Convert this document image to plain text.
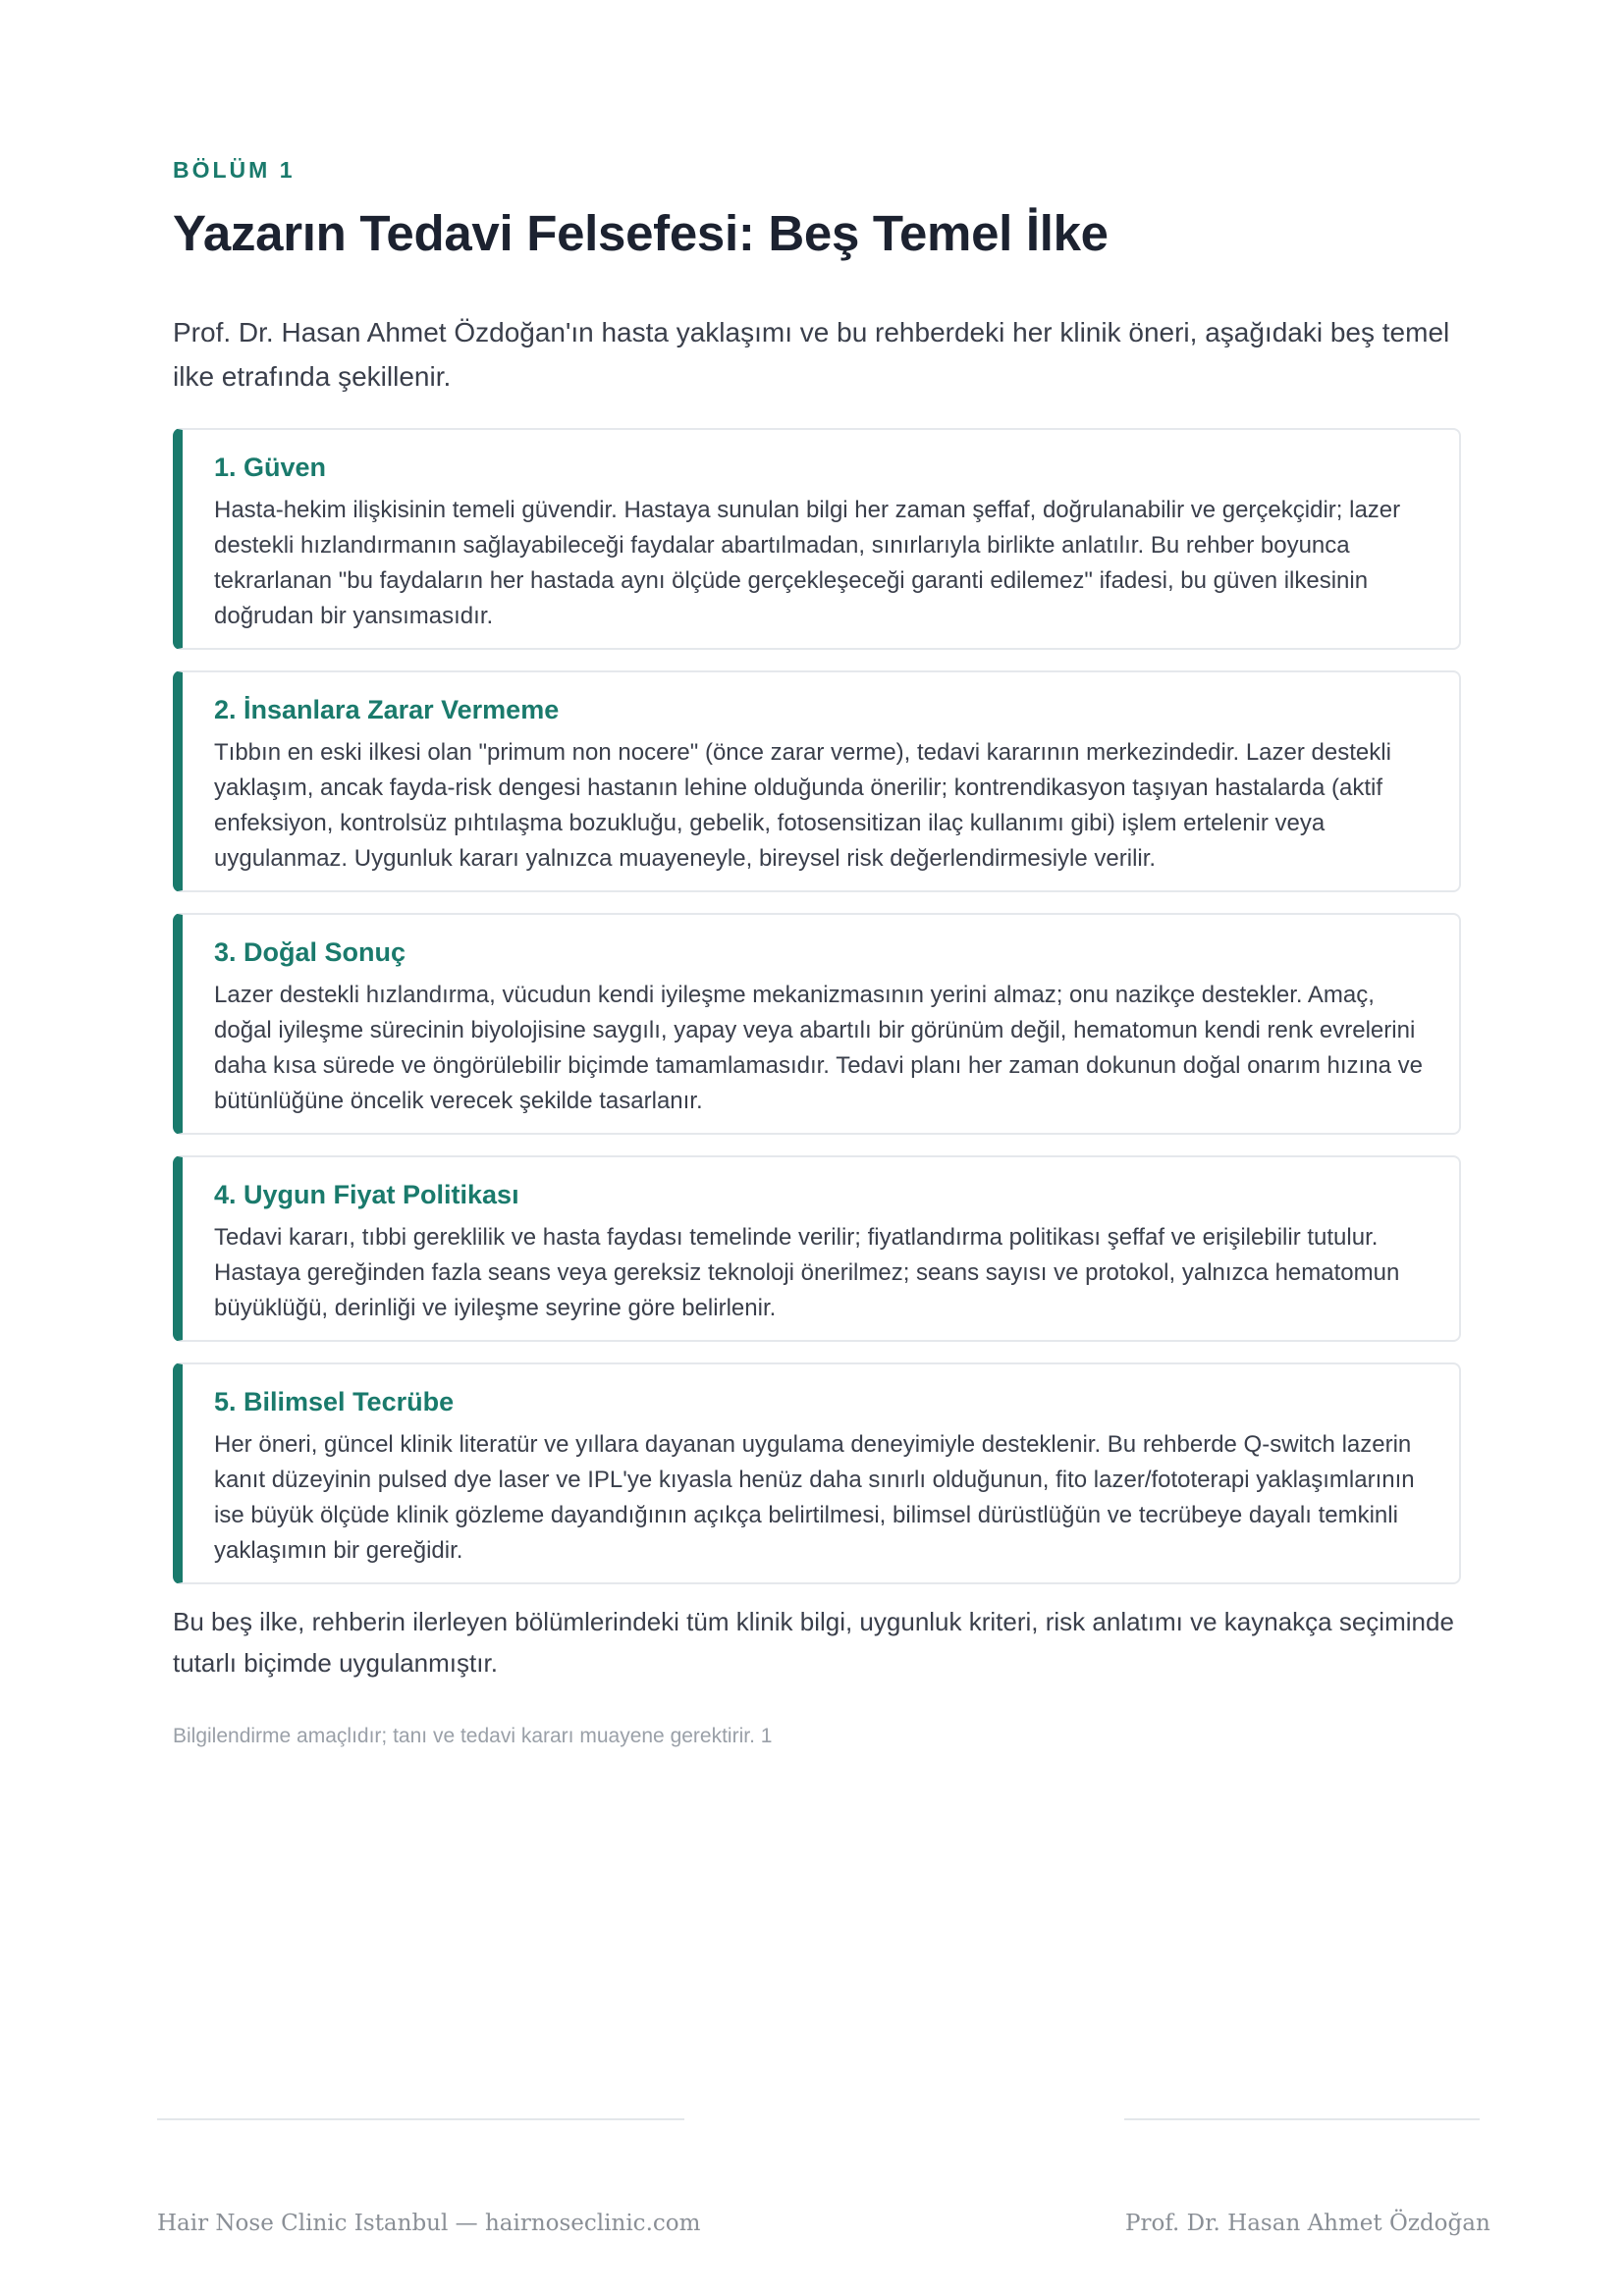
BÖLÜM 1
Yazarın Tedavi Felsefesi: Beş Temel İlke

Prof. Dr. Hasan Ahmet Özdoğan'ın hasta yaklaşımı ve bu rehberdeki her klinik öneri, aşağıdaki beş temel ilke etrafında şekillenir.

1. Güven

Hasta-hekim ilişkisinin temeli güvendir. Hastaya sunulan bilgi her zaman şeffaf, doğrulanabilir ve gerçekçidir; lazer destekli hızlandırmanın sağlayabileceği faydalar abartılmadan, sınırlarıyla birlikte anlatılır. Bu rehber boyunca tekrarlanan "bu faydaların her hastada aynı ölçüde gerçekleşeceği garanti edilemez" ifadesi, bu güven ilkesinin doğrudan bir yansımasıdır.

2. İnsanlara Zarar Vermeme

Tıbbın en eski ilkesi olan "primum non nocere" (önce zarar verme), tedavi kararının merkezindedir. Lazer destekli yaklaşım, ancak fayda-risk dengesi hastanın lehine olduğunda önerilir; kontrendikasyon taşıyan hastalarda (aktif enfeksiyon, kontrolsüz pıhtılaşma bozukluğu, gebelik, fotosensitizan ilaç kullanımı gibi) işlem ertelenir veya uygulanmaz. Uygunluk kararı yalnızca muayeneyle, bireysel risk değerlendirmesiyle verilir.

3. Doğal Sonuç

Lazer destekli hızlandırma, vücudun kendi iyileşme mekanizmasının yerini almaz; onu nazikçe destekler. Amaç, doğal iyileşme sürecinin biyolojisine saygılı, yapay veya abartılı bir görünüm değil, hematomun kendi renk evrelerini daha kısa sürede ve öngörülebilir biçimde tamamlamasıdır. Tedavi planı her zaman dokunun doğal onarım hızına ve bütünlüğüne öncelik verecek şekilde tasarlanır.

4. Uygun Fiyat Politikası

Tedavi kararı, tıbbi gereklilik ve hasta faydası temelinde verilir; fiyatlandırma politikası şeffaf ve erişilebilir tutulur. Hastaya gereğinden fazla seans veya gereksiz teknoloji önerilmez; seans sayısı ve protokol, yalnızca hematomun büyüklüğü, derinliği ve iyileşme seyrine göre belirlenir.

5. Bilimsel Tecrübe

Her öneri, güncel klinik literatür ve yıllara dayanan uygulama deneyimiyle desteklenir. Bu rehberde Q-switch lazerin kanıt düzeyinin pulsed dye laser ve IPL'ye kıyasla henüz daha sınırlı olduğunun, fito lazer/fototerapi yaklaşımlarının ise büyük ölçüde klinik gözleme dayandığının açıkça belirtilmesi, bilimsel dürüstlüğün ve tecrübeye dayalı temkinli yaklaşımın bir gereğidir.

Bu beş ilke, rehberin ilerleyen bölümlerindeki tüm klinik bilgi, uygunluk kriteri, risk anlatımı ve kaynakça seçiminde tutarlı biçimde uygulanmıştır.

Bilgilendirme amaçlıdır; tanı ve tedavi kararı muayene gerektirir. 1

Hair Nose Clinic Istanbul — hairnoseclinic.com	Prof. Dr. Hasan Ahmet Özdoğan
